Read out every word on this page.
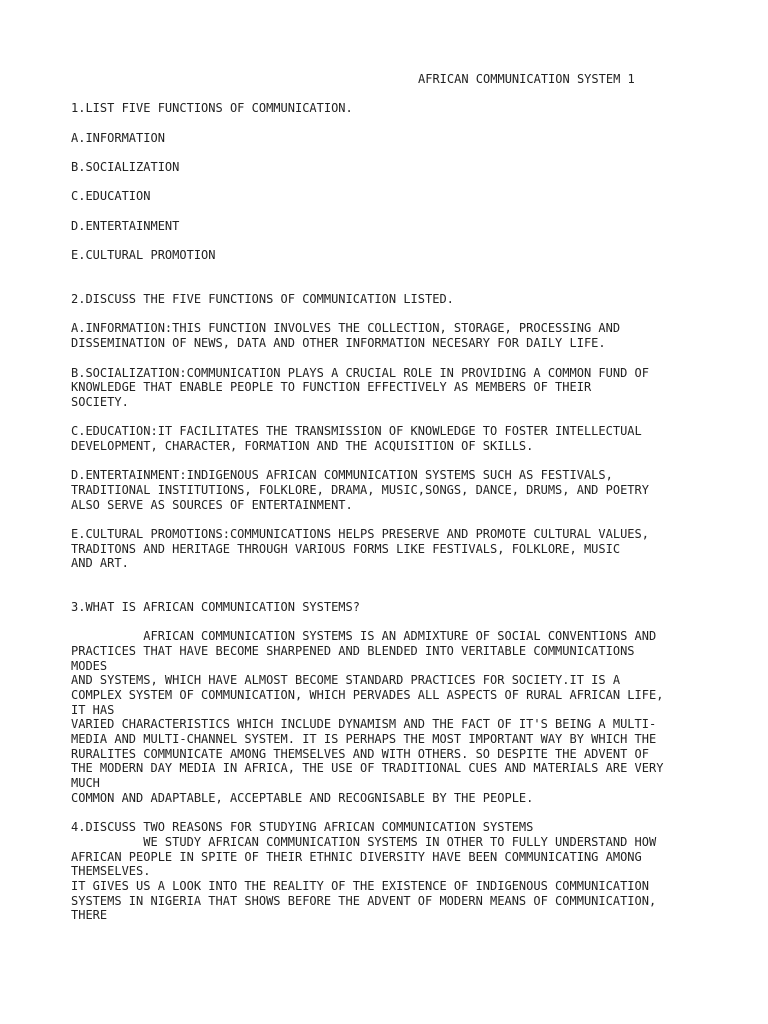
AFRICAN COMMUNICATION SYSTEM 1
1.LIST FIVE FUNCTIONS OF COMMUNICATION.
A.INFORMATION
B.SOCIALIZATION
C.EDUCATION
D.ENTERTAINMENT
E.CULTURAL PROMOTION
2.DISCUSS THE FIVE FUNCTIONS OF COMMUNICATION LISTED.
A.INFORMATION:THIS FUNCTION INVOLVES THE COLLECTION, STORAGE, PROCESSING AND
DISSEMINATION OF NEWS, DATA AND OTHER INFORMATION NECESARY FOR DAILY LIFE.
B.SOCIALIZATION:COMMUNICATION PLAYS A CRUCIAL ROLE IN PROVIDING A COMMON FUND OF
KNOWLEDGE THAT ENABLE PEOPLE TO FUNCTION EFFECTIVELY AS MEMBERS OF THEIR
SOCIETY.
C.EDUCATION:IT FACILITATES THE TRANSMISSION OF KNOWLEDGE TO FOSTER INTELLECTUAL
DEVELOPMENT, CHARACTER, FORMATION AND THE ACQUISITION OF SKILLS.
D.ENTERTAINMENT:INDIGENOUS AFRICAN COMMUNICATION SYSTEMS SUCH AS FESTIVALS,
TRADITIONAL INSTITUTIONS, FOLKLORE, DRAMA, MUSIC,SONGS, DANCE, DRUMS, AND POETRY
ALSO SERVE AS SOURCES OF ENTERTAINMENT.
E.CULTURAL PROMOTIONS:COMMUNICATIONS HELPS PRESERVE AND PROMOTE CULTURAL VALUES,
TRADITONS AND HERITAGE THROUGH VARIOUS FORMS LIKE FESTIVALS, FOLKLORE, MUSIC
AND ART.
3.WHAT IS AFRICAN COMMUNICATION SYSTEMS?
AFRICAN COMMUNICATION SYSTEMS IS AN ADMIXTURE OF SOCIAL CONVENTIONS AND
PRACTICES THAT HAVE BECOME SHARPENED AND BLENDED INTO VERITABLE COMMUNICATIONS
MODES
AND SYSTEMS, WHICH HAVE ALMOST BECOME STANDARD PRACTICES FOR SOCIETY.IT IS A
COMPLEX SYSTEM OF COMMUNICATION, WHICH PERVADES ALL ASPECTS OF RURAL AFRICAN LIFE,
IT HAS
VARIED CHARACTERISTICS WHICH INCLUDE DYNAMISM AND THE FACT OF IT'S BEING A MULTI-
MEDIA AND MULTI-CHANNEL SYSTEM. IT IS PERHAPS THE MOST IMPORTANT WAY BY WHICH THE
RURALITES COMMUNICATE AMONG THEMSELVES AND WITH OTHERS. SO DESPITE THE ADVENT OF
THE MODERN DAY MEDIA IN AFRICA, THE USE OF TRADITIONAL CUES AND MATERIALS ARE VERY
MUCH
COMMON AND ADAPTABLE, ACCEPTABLE AND RECOGNISABLE BY THE PEOPLE.
4.DISCUSS TWO REASONS FOR STUDYING AFRICAN COMMUNICATION SYSTEMS
WE STUDY AFRICAN COMMUNICATION SYSTEMS IN OTHER TO FULLY UNDERSTAND HOW
AFRICAN PEOPLE IN SPITE OF THEIR ETHNIC DIVERSITY HAVE BEEN COMMUNICATING AMONG
THEMSELVES.
IT GIVES US A LOOK INTO THE REALITY OF THE EXISTENCE OF INDIGENOUS COMMUNICATION
SYSTEMS IN NIGERIA THAT SHOWS BEFORE THE ADVENT OF MODERN MEANS OF COMMUNICATION,
THERE
